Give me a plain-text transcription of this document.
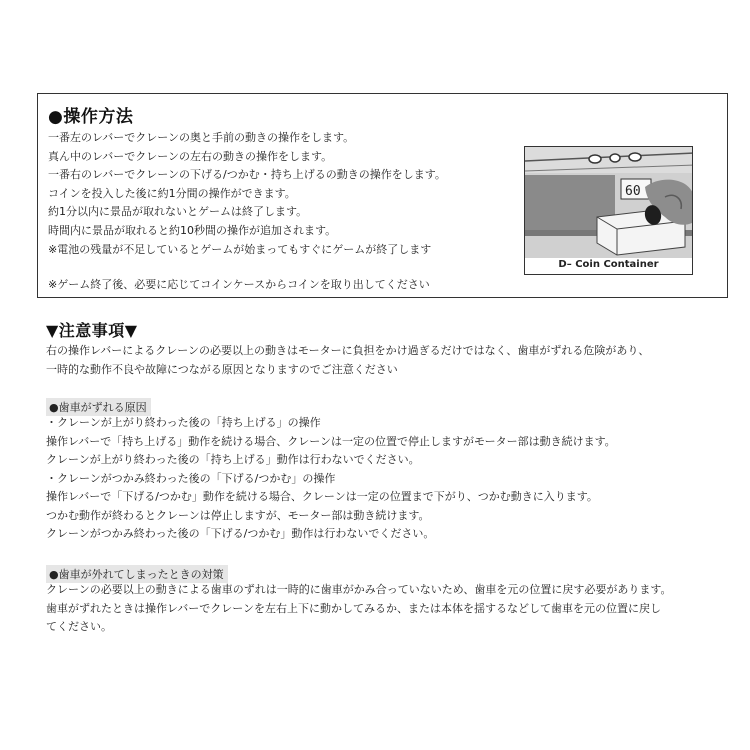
●操作方法
一番左のレバーでクレーンの奥と手前の動きの操作をします。
真ん中のレバーでクレーンの左右の動きの操作をします。
一番右のレバーでクレーンの下げる/つかむ・持ち上げるの動きの操作をします。
コインを投入した後に約1分間の操作ができます。
約1分以内に景品が取れないとゲームは終了します。
時間内に景品が取れると約10秒間の操作が追加されます。
※電池の残量が不足しているとゲームが始まってもすぐにゲームが終了します
※ゲーム終了後、必要に応じてコインケースからコインを取り出してください
60
D– Coin Container
▼注意事項▼
右の操作レバーによるクレーンの必要以上の動きはモーターに負担をかけ過ぎるだけではなく、歯車がずれる危険があり、
一時的な動作不良や故障につながる原因となりますのでご注意ください
●歯車がずれる原因
・クレーンが上がり終わった後の「持ち上げる」の操作
操作レバーで「持ち上げる」動作を続ける場合、クレーンは一定の位置で停止しますがモーター部は動き続けます。
クレーンが上がり終わった後の「持ち上げる」動作は行わないでください。
・クレーンがつかみ終わった後の「下げる/つかむ」の操作
操作レバーで「下げる/つかむ」動作を続ける場合、クレーンは一定の位置まで下がり、つかむ動きに入ります。
つかむ動作が終わるとクレーンは停止しますが、モーター部は動き続けます。
クレーンがつかみ終わった後の「下げる/つかむ」動作は行わないでください。
●歯車が外れてしまったときの対策
クレーンの必要以上の動きによる歯車のずれは一時的に歯車がかみ合っていないため、歯車を元の位置に戻す必要があります。
歯車がずれたときは操作レバーでクレーンを左右上下に動かしてみるか、または本体を揺するなどして歯車を元の位置に戻し
てください。
